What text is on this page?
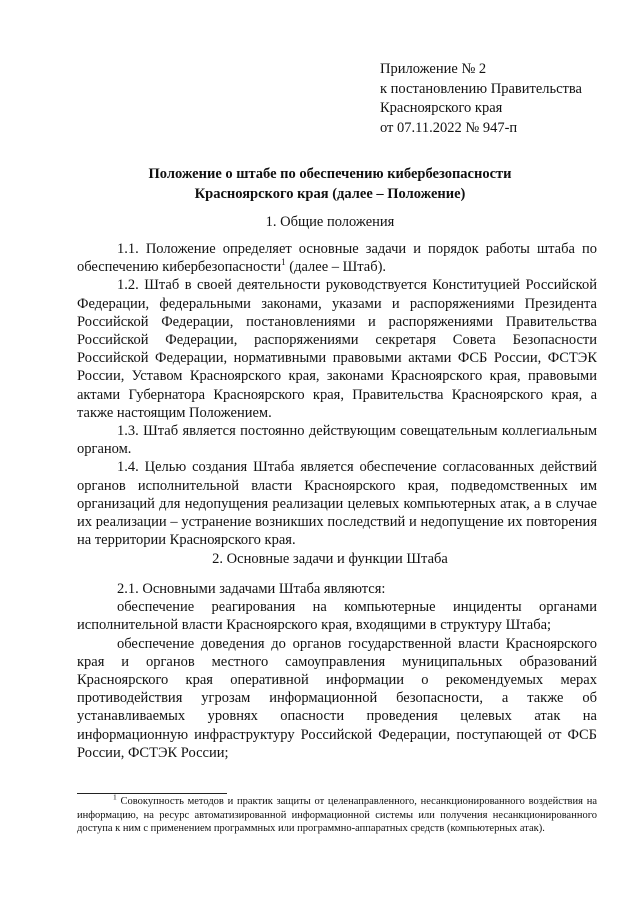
Приложение № 2
к постановлению Правительства
Красноярского края
от 07.11.2022 № 947-п
Положение о штабе по обеспечению кибербезопасности
Красноярского края (далее – Положение)
1. Общие положения

1.1. Положение определяет основные задачи и порядок работы штаба по обеспечению кибербезопасности$^1$ (далее – Штаб).

1.2. Штаб в своей деятельности руководствуется Конституцией Российской Федерации, федеральными законами, указами и распоряжениями Президента Российской Федерации, постановлениями и распоряжениями Правительства Российской Федерации, распоряжениями секретаря Совета Безопасности Российской Федерации, нормативными правовыми актами ФСБ России, ФСТЭК России, Уставом Красноярского края, законами Красноярского края, правовыми актами Губернатора Красноярского края, Правительства Красноярского края, а также настоящим Положением.

1.3. Штаб является постоянно действующим совещательным коллегиальным органом.

1.4. Целью создания Штаба является обеспечение согласованных действий органов исполнительной власти Красноярского края, подведомственных им организаций для недопущения реализации целевых компьютерных атак, а в случае их реализации – устранение возникших последствий и недопущение их повторения на территории Красноярского края.

2. Основные задачи и функции Штаба

2.1. Основными задачами Штаба являются:

обеспечение реагирования на компьютерные инциденты органами исполнительной власти Красноярского края, входящими в структуру Штаба;

обеспечение доведения до органов государственной власти Красноярского края и органов местного самоуправления муниципальных образований Красноярского края оперативной информации о рекомендуемых мерах противодействия угрозам информационной безопасности, а также об устанавливаемых уровнях опасности проведения целевых атак на информационную инфраструктуру Российской Федерации, поступающей от ФСБ России, ФСТЭК России;

$^1$ Совокупность методов и практик защиты от целенаправленного, несанкционированного воздействия на информацию, на ресурс автоматизированной информационной системы или получения несанкционированного доступа к ним с применением программных или программно-аппаратных средств (компьютерных атак).
